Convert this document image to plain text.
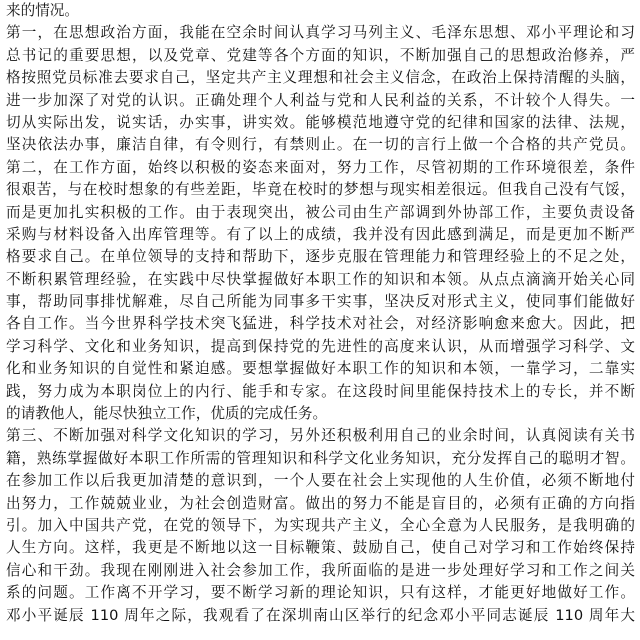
来的情况。
第一，在思想政治方面，我能在空余时间认真学习马列主义、毛泽东思想、邓小平理论和习
总书记的重要思想，以及党章、党建等各个方面的知识，不断加强自己的思想政治修养，严
格按照党员标准去要求自己，坚定共产主义理想和社会主义信念，在政治上保持清醒的头脑，
进一步加深了对党的认识。正确处理个人利益与党和人民利益的关系，不计较个人得失。一
切从实际出发，说实话，办实事，讲实效。能够模范地遵守党的纪律和国家的法律、法规，
坚决依法办事，廉洁自律，有令则行，有禁则止。在一切的言行上做一个合格的共产党员。
第二，在工作方面，始终以积极的姿态来面对，努力工作，尽管初期的工作环境很差，条件
很艰苦，与在校时想象的有些差距，毕竟在校时的梦想与现实相差很远。但我自己没有气馁，
而是更加扎实积极的工作。由于表现突出，被公司由生产部调到外协部工作，主要负责设备
采购与材料设备入出库管理等。有了以上的成绩，我并没有因此感到满足，而是更加不断严
格要求自己。在单位领导的支持和帮助下，逐步克服在管理能力和管理经验上的不足之处，
不断积累管理经验，在实践中尽快掌握做好本职工作的知识和本领。从点点滴滴开始关心同
事，帮助同事排忧解难，尽自己所能为同事多干实事，坚决反对形式主义，使同事们能做好
各自工作。当今世界科学技术突飞猛进，科学技术对社会，对经济影响愈来愈大。因此，把
学习科学、文化和业务知识，提高到保持党的先进性的高度来认识，从而增强学习科学、文
化和业务知识的自觉性和紧迫感。要想掌握做好本职工作的知识和本领，一靠学习，二靠实
践，努力成为本职岗位上的内行、能手和专家。在这段时间里能保持技术上的专长，并不断
的请教他人，能尽快独立工作，优质的完成任务。
第三、不断加强对科学文化知识的学习，另外还积极利用自己的业余时间，认真阅读有关书
籍，熟练掌握做好本职工作所需的管理知识和科学文化业务知识，充分发挥自己的聪明才智。
在参加工作以后我更加清楚的意识到，一个人要在社会上实现他的人生价值，必须不断地付
出努力，工作兢兢业业，为社会创造财富。做出的努力不能是盲目的，必须有正确的方向指
引。加入中国共产党，在党的领导下，为实现共产主义，全心全意为人民服务，是我明确的
人生方向。这样，我更是不断地以这一目标鞭策、鼓励自己，使自己对学习和工作始终保持
信心和干劲。我现在刚刚进入社会参加工作，我所面临的是进一步处理好学习和工作之间关
系的问题。工作离不开学习，要不断学习新的理论知识，只有这样，才能更好地做好工作。
邓小平诞辰 110 周年之际，我观看了在深圳南山区举行的纪念邓小平同志诞辰 110 周年大
